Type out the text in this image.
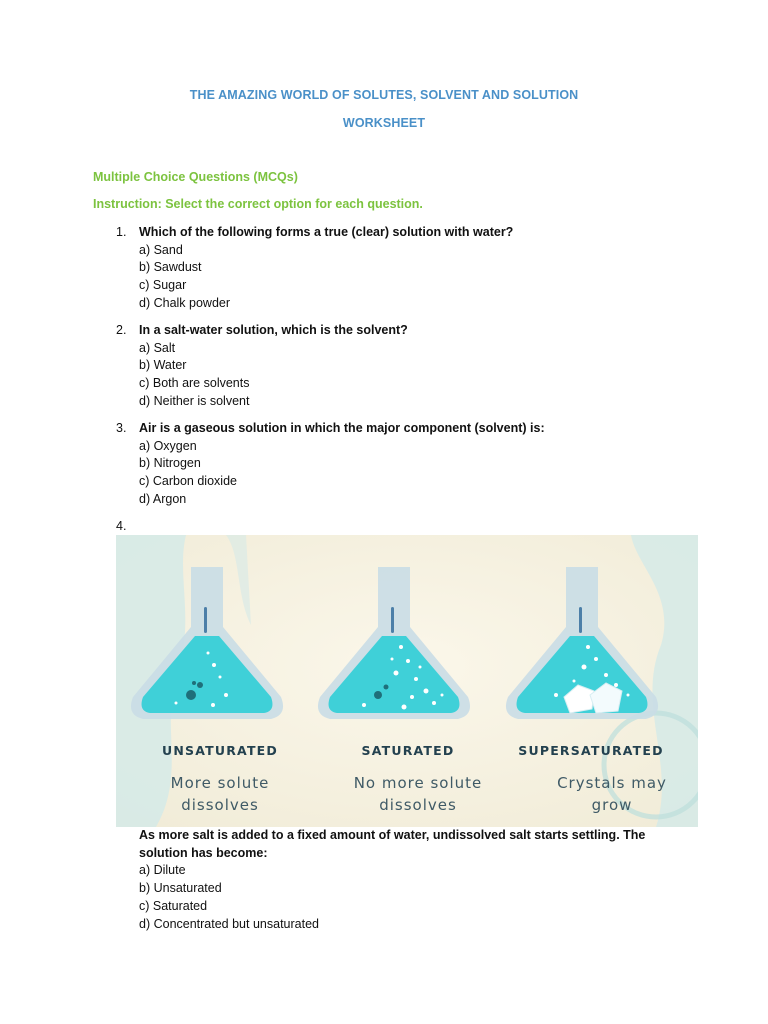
THE AMAZING WORLD OF SOLUTES, SOLVENT AND SOLUTION
WORKSHEET
Multiple Choice Questions (MCQs)
Instruction: Select the correct option for each question.
1. Which of the following forms a true (clear) solution with water?
a) Sand
b) Sawdust
c) Sugar
d) Chalk powder
2. In a salt-water solution, which is the solvent?
a) Salt
b) Water
c) Both are solvents
d) Neither is solvent
3. Air is a gaseous solution in which the major component (solvent) is:
a) Oxygen
b) Nitrogen
c) Carbon dioxide
d) Argon
4.
UNSATURATED	SATURATED	SUPERSATURATED
More solute
dissolves
No more solute
dissolves
Crystals may
grow
As more salt is added to a fixed amount of water, undissolved salt starts settling. The solution has become:
a) Dilute
b) Unsaturated
c) Saturated
d) Concentrated but unsaturated
